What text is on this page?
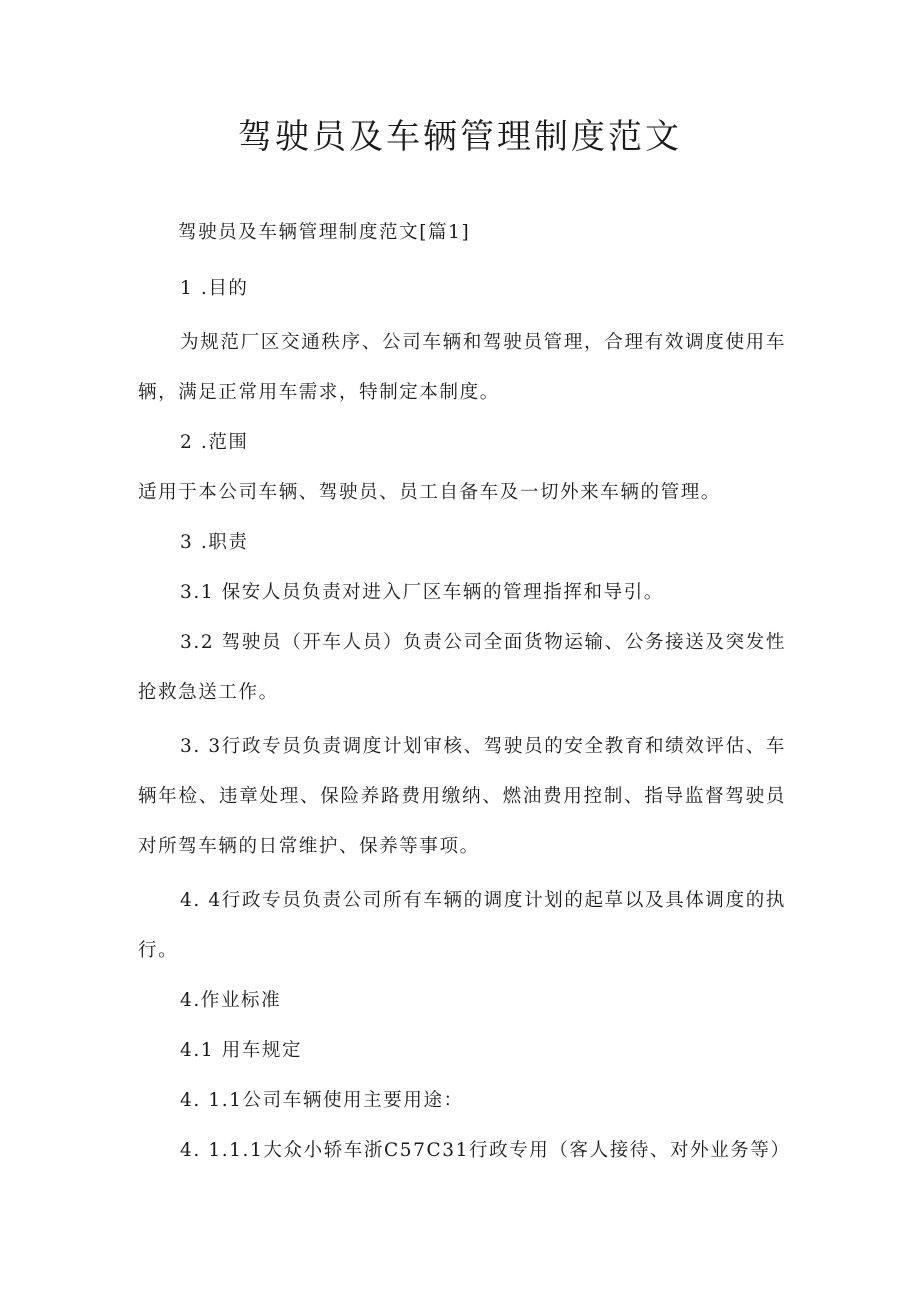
驾驶员及车辆管理制度范文

驾驶员及车辆管理制度范文[篇1]

1 .目的

为规范厂区交通秩序、公司车辆和驾驶员管理，合理有效调度使用车辆，满足正常用车需求，特制定本制度。

2 .范围

适用于本公司车辆、驾驶员、员工自备车及一切外来车辆的管理。

3 .职责

3.1 保安人员负责对进入厂区车辆的管理指挥和导引。

3.2 驾驶员（开车人员）负责公司全面货物运输、公务接送及突发性抢救急送工作。

3. 3行政专员负责调度计划审核、驾驶员的安全教育和绩效评估、车辆年检、违章处理、保险养路费用缴纳、燃油费用控制、指导监督驾驶员对所驾车辆的日常维护、保养等事项。

4. 4行政专员负责公司所有车辆的调度计划的起草以及具体调度的执行。

4.作业标准

4.1 用车规定

4. 1.1公司车辆使用主要用途：

4. 1.1.1大众小轿车浙C57C31行政专用（客人接待、对外业务等）
